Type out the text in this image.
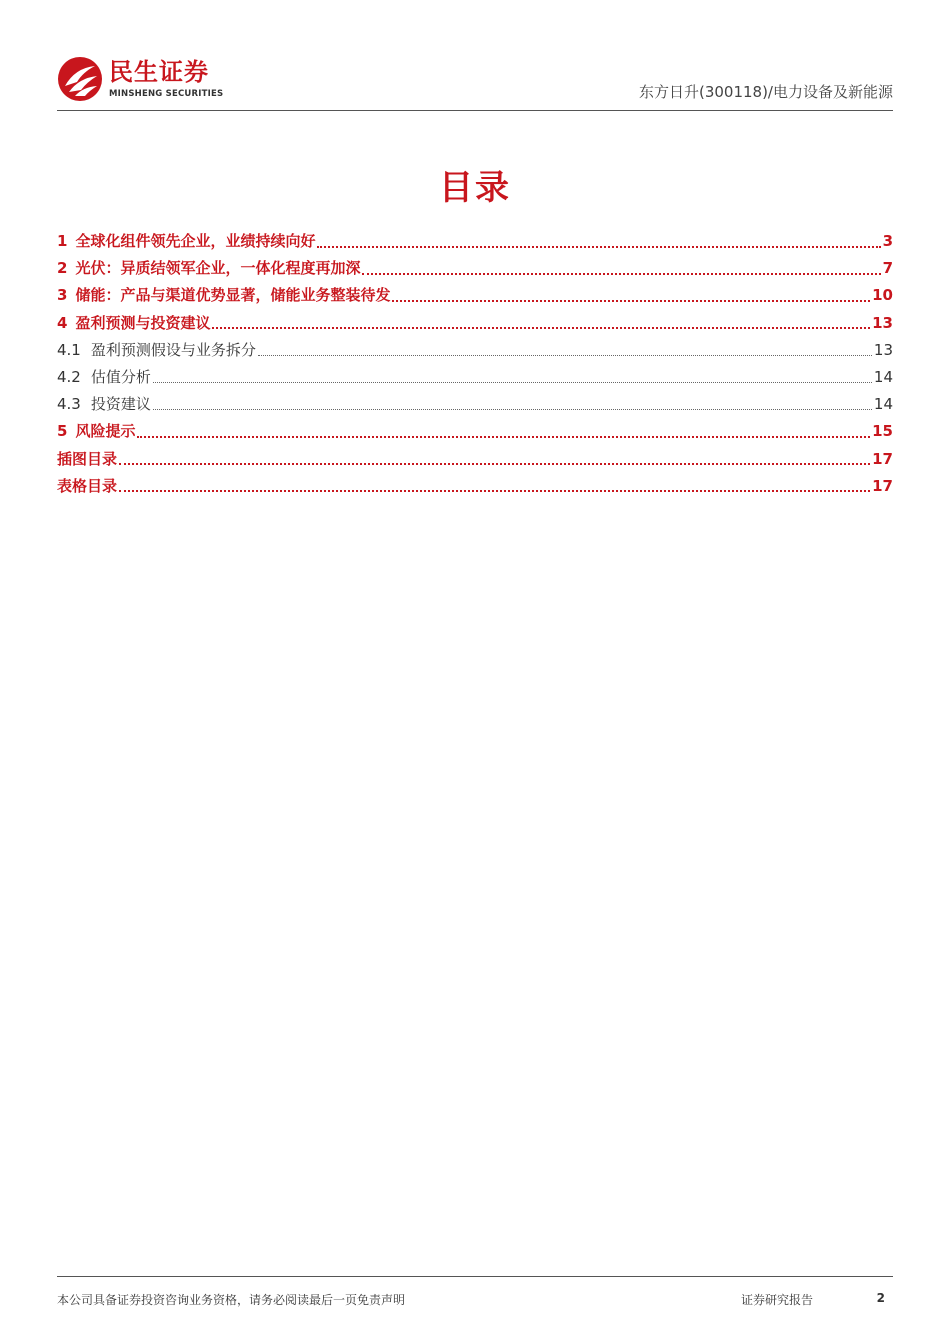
民生证券
MINSHENG SECURITIES	东方日升(300118)/电力设备及新能源
目录
1 全球化组件领先企业，业绩持续向好	3
2 光伏：异质结领军企业，一体化程度再加深	7
3 储能：产品与渠道优势显著，储能业务整装待发	10
4 盈利预测与投资建议	13
4.1 盈利预测假设与业务拆分	13
4.2 估值分析	14
4.3 投资建议	14
5 风险提示	15
插图目录	17
表格目录	17
本公司具备证券投资咨询业务资格，请务必阅读最后一页免责声明	证券研究报告	2
